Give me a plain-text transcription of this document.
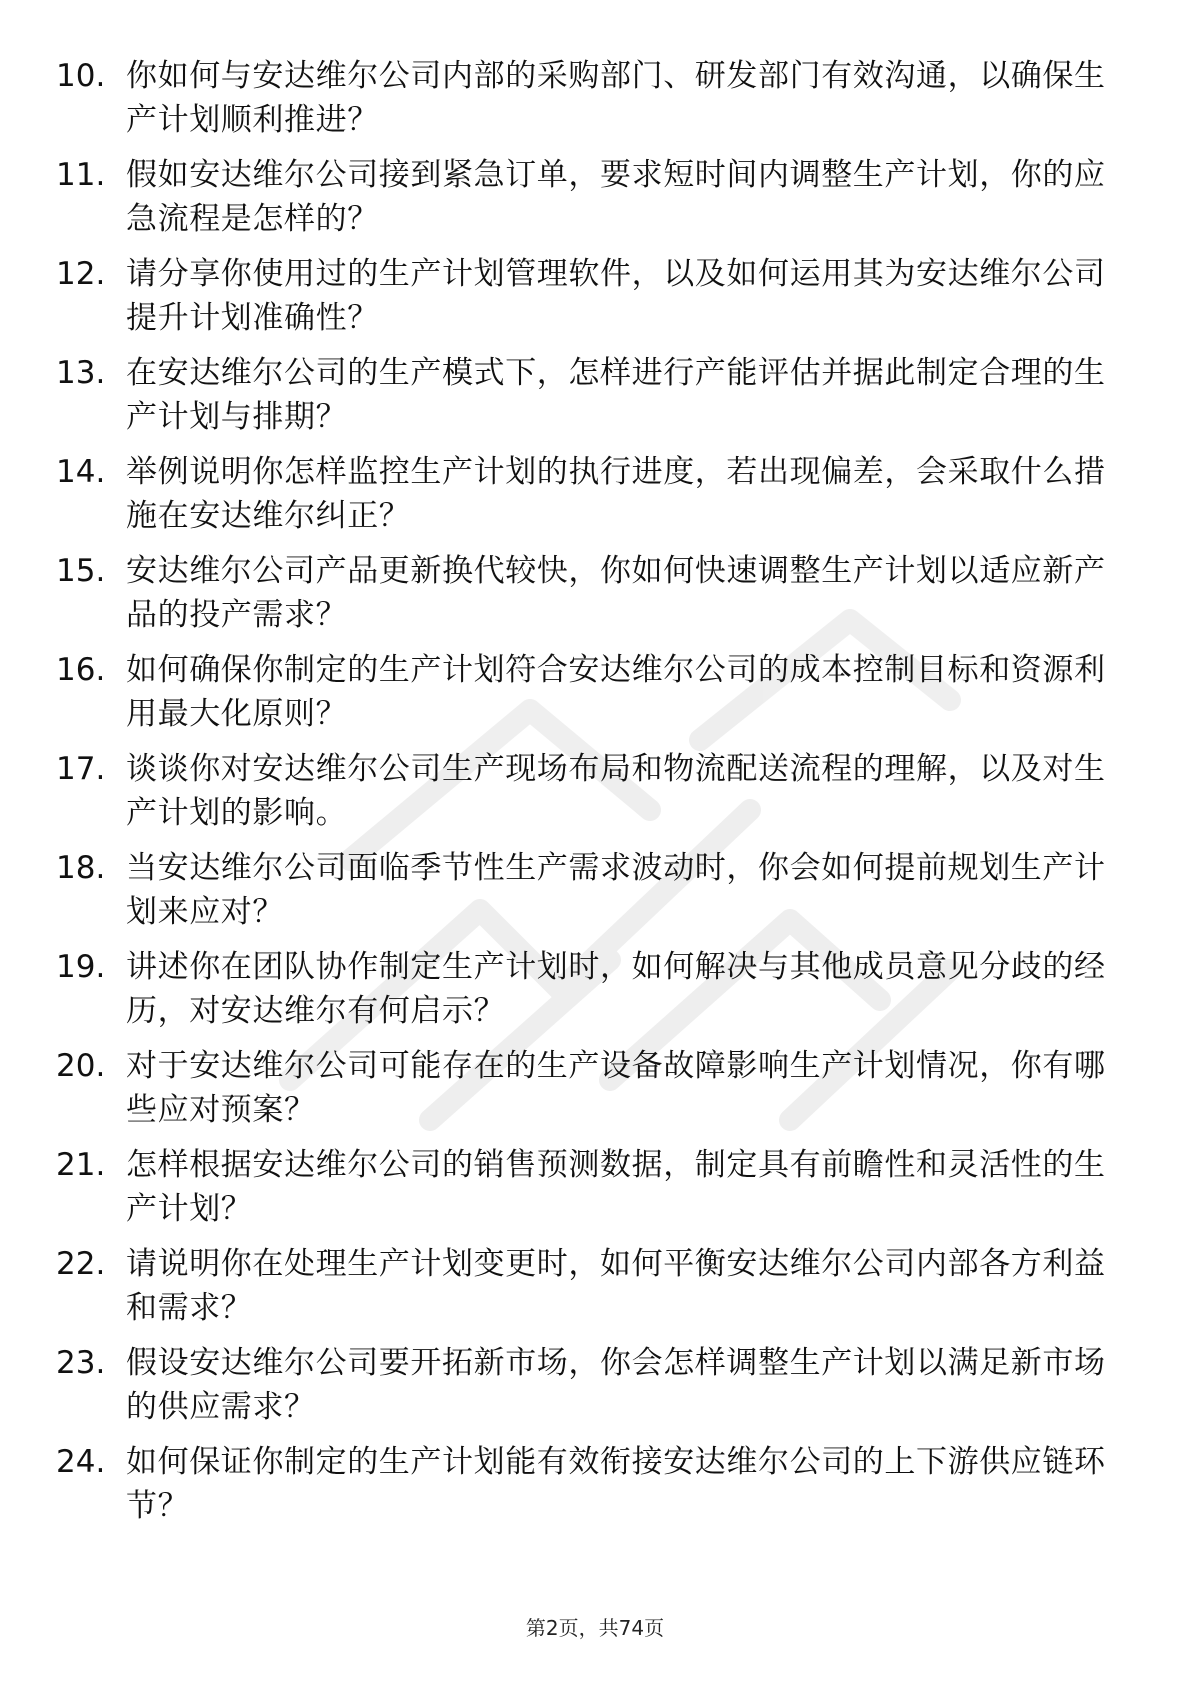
10. 你如何与安达维尔公司内部的采购部门、研发部门有效沟通，以确保生产计划顺利推进？
11. 假如安达维尔公司接到紧急订单，要求短时间内调整生产计划，你的应急流程是怎样的？
12. 请分享你使用过的生产计划管理软件，以及如何运用其为安达维尔公司提升计划准确性？
13. 在安达维尔公司的生产模式下，怎样进行产能评估并据此制定合理的生产计划与排期？
14. 举例说明你怎样监控生产计划的执行进度，若出现偏差，会采取什么措施在安达维尔纠正？
15. 安达维尔公司产品更新换代较快，你如何快速调整生产计划以适应新产品的投产需求？
16. 如何确保你制定的生产计划符合安达维尔公司的成本控制目标和资源利用最大化原则？
17. 谈谈你对安达维尔公司生产现场布局和物流配送流程的理解，以及对生产计划的影响。
18. 当安达维尔公司面临季节性生产需求波动时，你会如何提前规划生产计划来应对？
19. 讲述你在团队协作制定生产计划时，如何解决与其他成员意见分歧的经历，对安达维尔有何启示？
20. 对于安达维尔公司可能存在的生产设备故障影响生产计划情况，你有哪些应对预案？
21. 怎样根据安达维尔公司的销售预测数据，制定具有前瞻性和灵活性的生产计划？
22. 请说明你在处理生产计划变更时，如何平衡安达维尔公司内部各方利益和需求？
23. 假设安达维尔公司要开拓新市场，你会怎样调整生产计划以满足新市场的供应需求？
24. 如何保证你制定的生产计划能有效衔接安达维尔公司的上下游供应链环节？
第2页，共74页
